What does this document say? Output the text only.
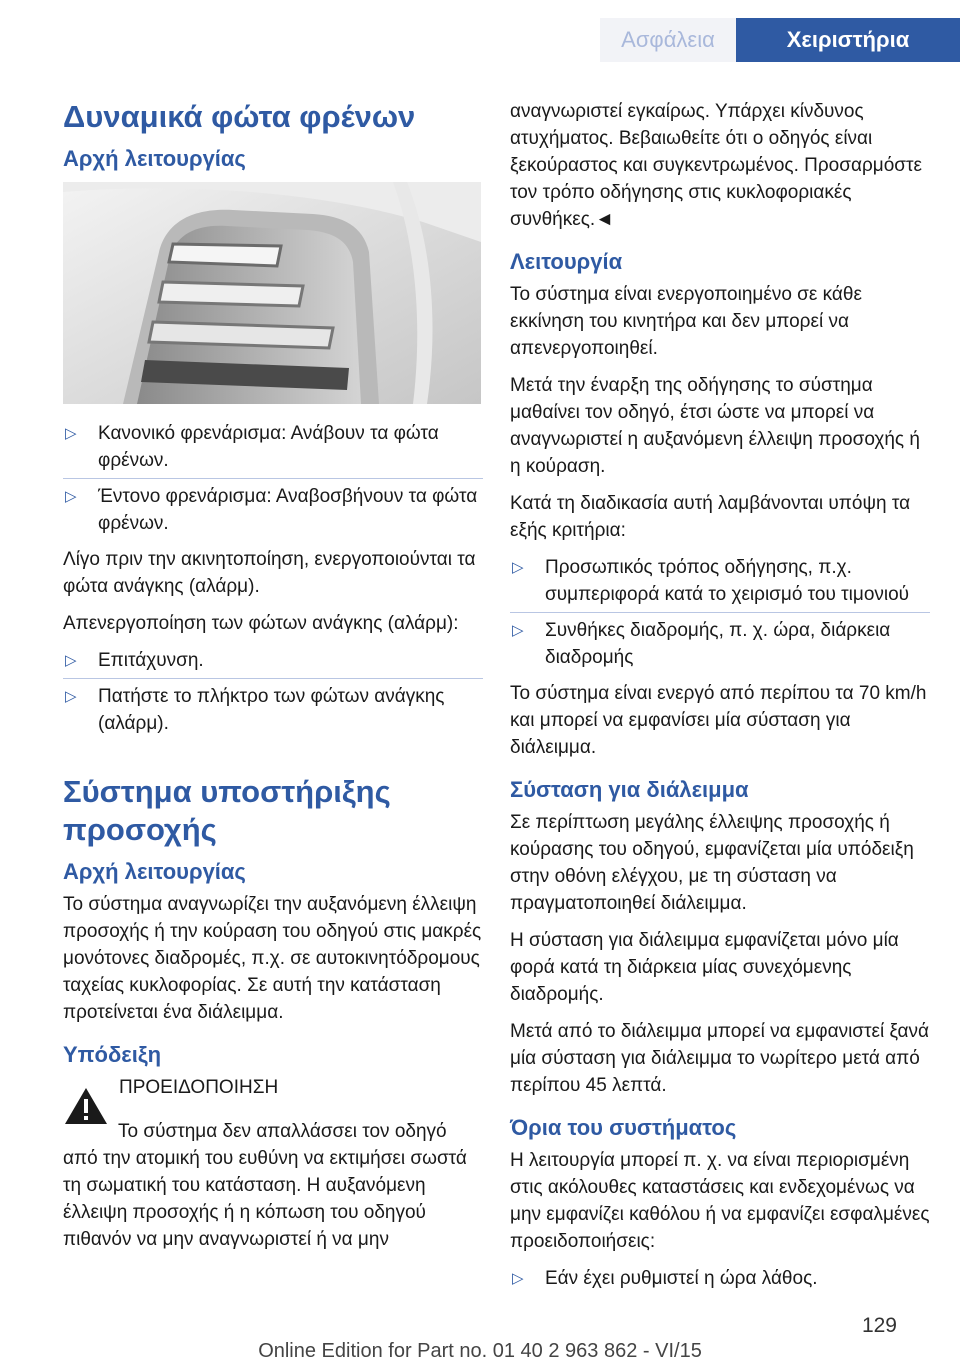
Ασφάλεια	Χειριστήρια
Δυναμικά φώτα φρένων
Αρχή λειτουργίας
▷ Κανονικό φρενάρισμα: Ανάβουν τα φώτα φρένων.
▷ Έντονο φρενάρισμα: Αναβοσβήνουν τα φώτα φρένων.

Λίγο πριν την ακινητοποίηση, ενεργοποιούνται τα φώτα ανάγκης (αλάρμ).

Απενεργοποίηση των φώτων ανάγκης (αλάρμ):

▷ Επιτάχυνση.
▷ Πατήστε το πλήκτρο των φώτων ανάγκης (αλάρμ).
Σύστημα υποστήριξης προσοχής
Αρχή λειτουργίας

Το σύστημα αναγνωρίζει την αυξανόμενη έλλειψη προσοχής ή την κούραση του οδηγού στις μακρές μονότονες διαδρομές, π.χ. σε αυτοκινητόδρομους ταχείας κυκλοφορίας. Σε αυτή την κατάσταση προτείνεται ένα διάλειμμα.

Υπόδειξη

ΠΡΟΕΙΔΟΠΟΙΗΣΗ

Το σύστημα δεν απαλλάσσει τον οδηγό από την ατομική του ευθύνη να εκτιμήσει σωστά τη σωματική του κατάσταση. Η αυξανόμενη έλλειψη προσοχής ή η κόπωση του οδηγού πιθανόν να μην αναγνωριστεί ή να μην

αναγνωριστεί εγκαίρως. Υπάρχει κίνδυνος ατυχήματος. Βεβαιωθείτε ότι ο οδηγός είναι ξεκούραστος και συγκεντρωμένος. Προσαρμόστε τον τρόπο οδήγησης στις κυκλοφοριακές συνθήκες.◄

Λειτουργία

Το σύστημα είναι ενεργοποιημένο σε κάθε εκκίνηση του κινητήρα και δεν μπορεί να απενεργοποιηθεί.

Μετά την έναρξη της οδήγησης το σύστημα μαθαίνει τον οδηγό, έτσι ώστε να μπορεί να αναγνωριστεί η αυξανόμενη έλλειψη προσοχής ή η κούραση.

Κατά τη διαδικασία αυτή λαμβάνονται υπόψη τα εξής κριτήρια:

▷ Προσωπικός τρόπος οδήγησης, π.χ. συμπεριφορά κατά το χειρισμό του τιμονιού
▷ Συνθήκες διαδρομής, π. χ. ώρα, διάρκεια διαδρομής

Το σύστημα είναι ενεργό από περίπου τα 70 km/h και μπορεί να εμφανίσει μία σύσταση για διάλειμμα.

Σύσταση για διάλειμμα

Σε περίπτωση μεγάλης έλλειψης προσοχής ή κούρασης του οδηγού, εμφανίζεται μία υπόδειξη στην οθόνη ελέγχου, με τη σύσταση να πραγματοποιηθεί διάλειμμα.

Η σύσταση για διάλειμμα εμφανίζεται μόνο μία φορά κατά τη διάρκεια μίας συνεχόμενης διαδρομής.

Μετά από το διάλειμμα μπορεί να εμφανιστεί ξανά μία σύσταση για διάλειμμα το νωρίτερο μετά από περίπου 45 λεπτά.

Όρια του συστήματος

Η λειτουργία μπορεί π. χ. να είναι περιορισμένη στις ακόλουθες καταστάσεις και ενδεχομένως να μην εμφανίζει καθόλου ή να εμφανίζει εσφαλμένες προειδοποιήσεις:

▷ Εάν έχει ρυθμιστεί η ώρα λάθος.
129
Online Edition for Part no. 01 40 2 963 862 - VI/15
